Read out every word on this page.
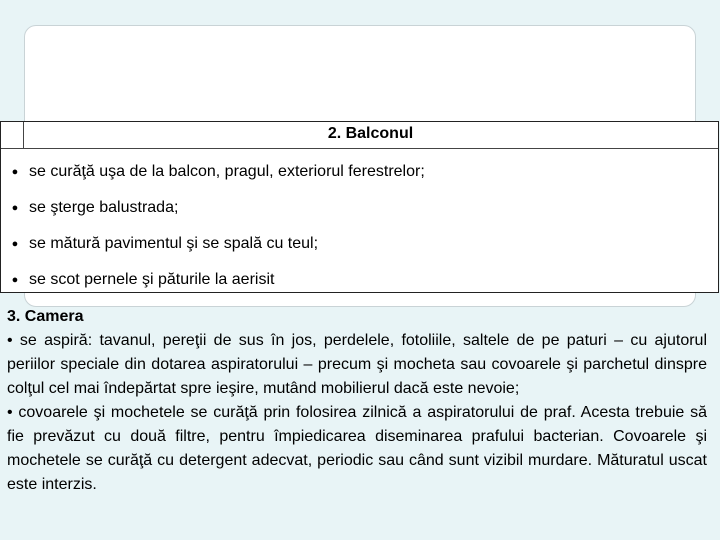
2. Balconul
● se curăţă uşa de la balcon, pragul, exteriorul ferestrelor;
● se şterge balustrada;
● se mătură pavimentul şi se spală cu teul;
● se scot pernele şi păturile la aerisit

3. Camera

• se aspiră: tavanul, pereţii de sus în jos, perdelele, fotoliile, saltele de pe paturi – cu ajutorul periilor speciale din dotarea aspiratorului – precum şi mocheta sau covoarele şi parchetul dinspre colţul cel mai îndepărtat spre ieşire, mutând mobilierul dacă este nevoie;

• covoarele şi mochetele se curăţă prin folosirea zilnică a aspiratorului de praf. Acesta trebuie să fie prevăzut cu două filtre, pentru împiedicarea diseminarea prafului bacterian. Covoarele şi mochetele se curăţă cu detergent adecvat, periodic sau când sunt vizibil murdare. Măturatul uscat este interzis.
